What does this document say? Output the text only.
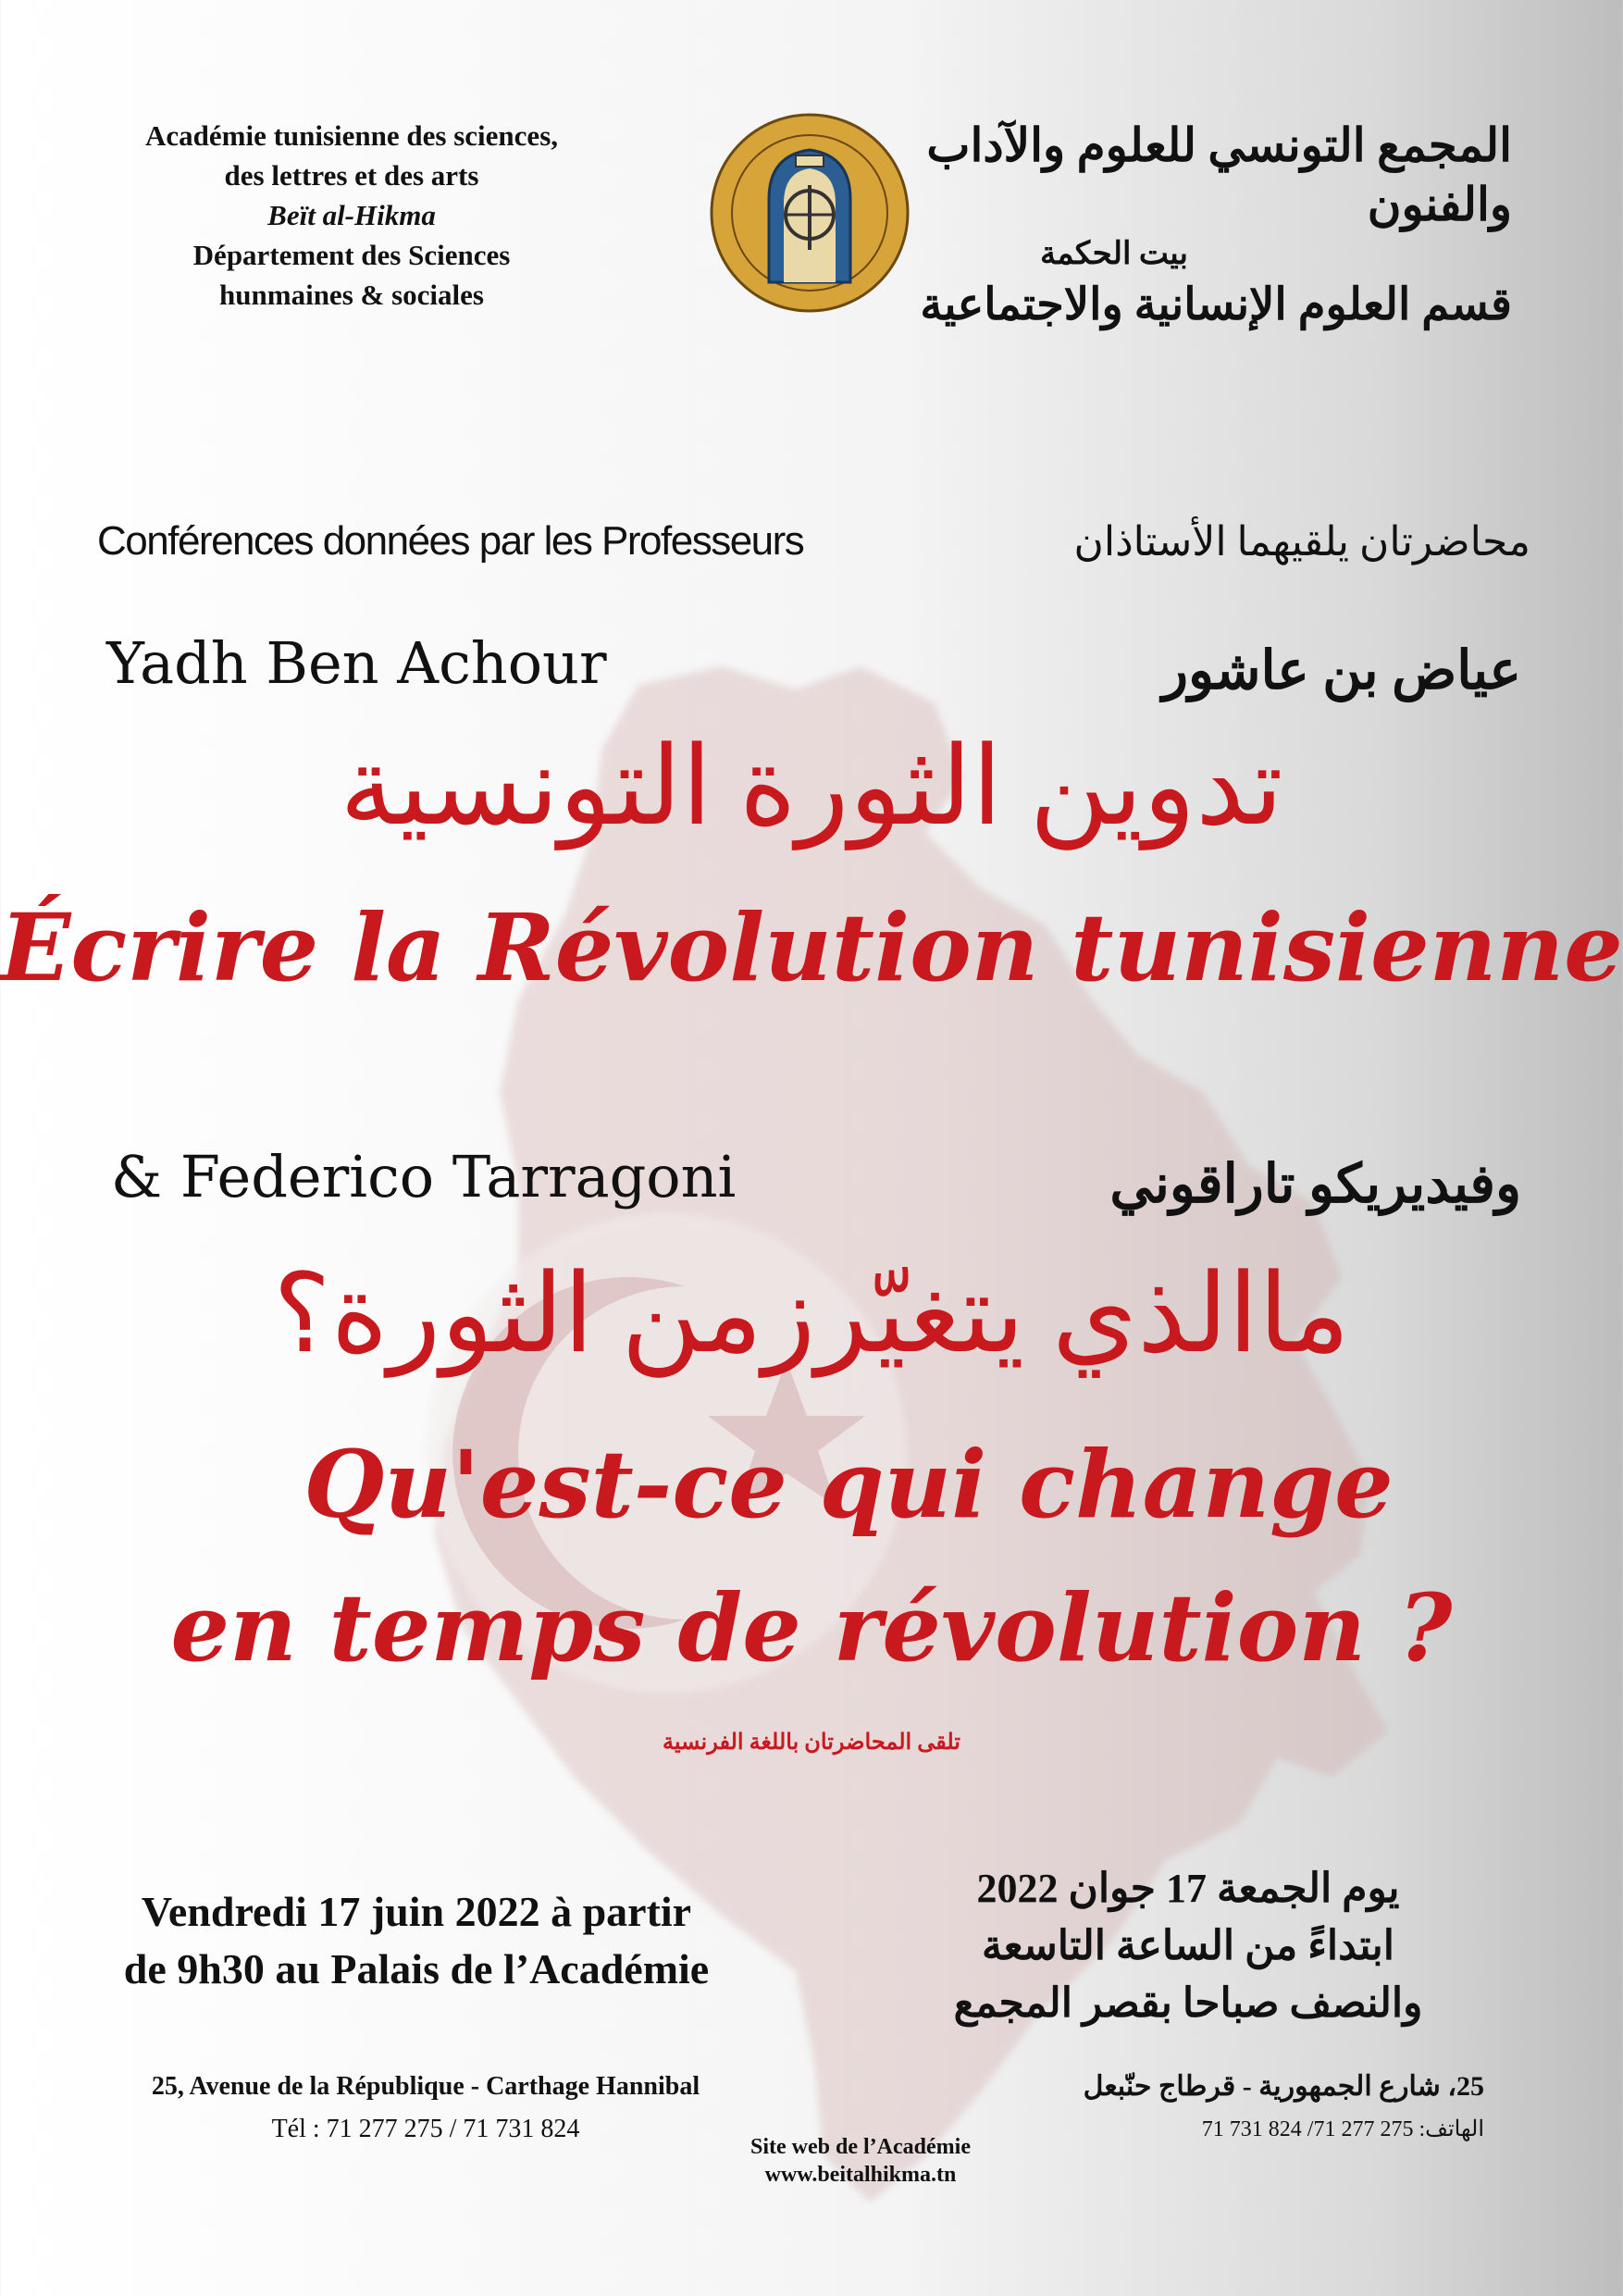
Académie tunisienne des sciences,
des lettres et des arts
Beït al-Hikma
Département des Sciences
hunmaines & sociales
المجمع التونسي للعلوم والآداب والفنون
بيت الحكمة
قسم العلوم الإنسانية والاجتماعية
Conférences données par les Professeurs	محاضرتان يلقيهما الأستاذان
Yadh Ben Achour	عياض بن عاشور
تدوين الثورة التونسية
Écrire la Révolution tunisienne
& Federico Tarragoni	وفيديريكو تاراقوني
ماالذي يتغيّرزمن الثورة؟
Qu'est-ce qui change
en temps de révolution ?
تلقى المحاضرتان باللغة الفرنسية
Vendredi 17 juin 2022 à partir
de 9h30 au Palais de l’Académie
يوم الجمعة 17 جوان 2022
ابتداءً من الساعة التاسعة
والنصف صباحا بقصر المجمع
25, Avenue de la République - Carthage Hannibal
Tél : 71 277 275 / 71 731 824
25، شارع الجمهورية - قرطاج حنّبعل
الهاتف: 275 277 71/ 824 731 71
Site web de l’Académie
www.beitalhikma.tn
